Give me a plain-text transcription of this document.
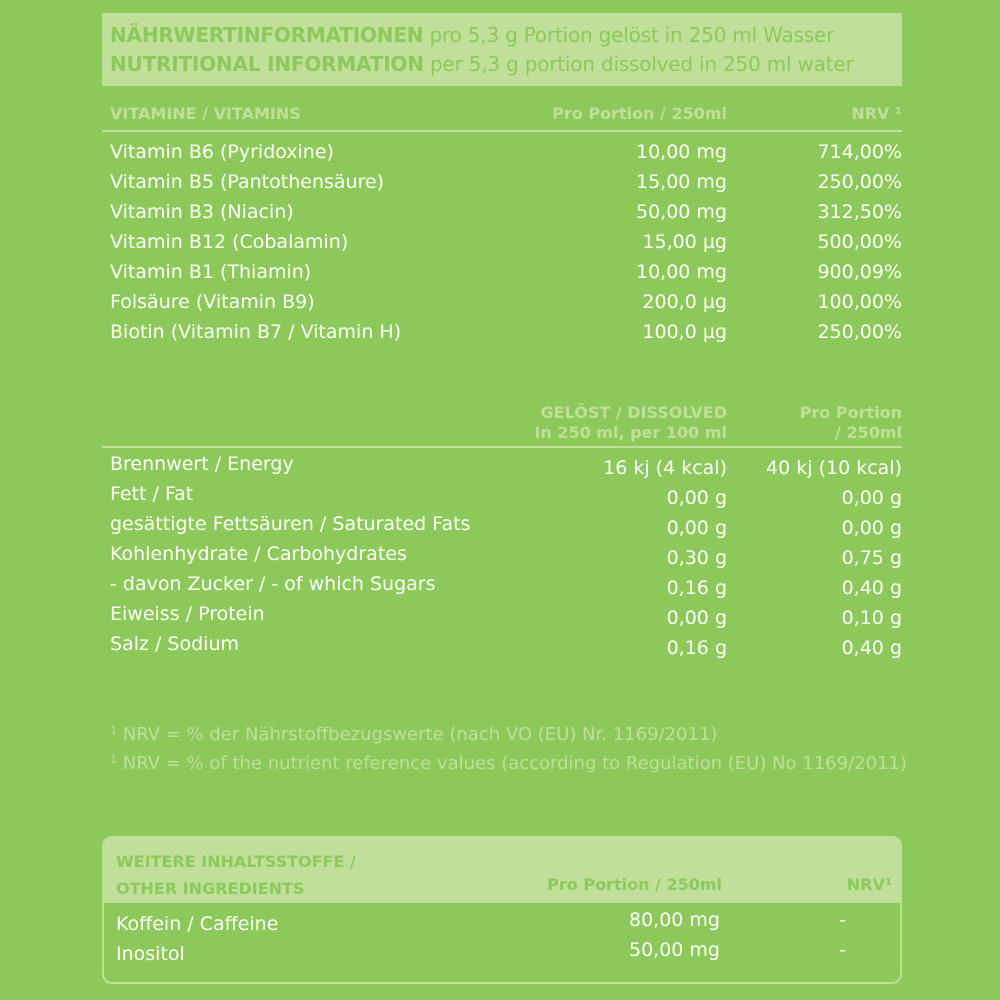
NÄHRWERTINFORMATIONEN pro 5,3 g Portion gelöst in 250 ml Wasser
NUTRITIONAL INFORMATION per 5,3 g portion dissolved in 250 ml water
VITAMINE / VITAMINS	Pro Portion / 250ml	NRV ¹
Vitamin B6 (Pyridoxine)	10,00 mg	714,00%
Vitamin B5 (Pantothensäure)	15,00 mg	250,00%
Vitamin B3 (Niacin)	50,00 mg	312,50%
Vitamin B12 (Cobalamin)	15,00 µg	500,00%
Vitamin B1 (Thiamin)	10,00 mg	900,09%
Folsäure (Vitamin B9)	200,0 µg	100,00%
Biotin (Vitamin B7 / Vitamin H)	100,0 µg	250,00%
GELÖST / DISSOLVED
In 250 ml, per 100 ml
Pro Portion
/ 250ml
Brennwert / Energy	16 kj (4 kcal) 40 kj (10 kcal)
Fett / Fat	0,00 g	0,00 g
gesättigte Fettsäuren / Saturated Fats	0,00 g	0,00 g
Kohlenhydrate / Carbohydrates	0,30 g	0,75 g
- davon Zucker / - of which Sugars	0,16 g	0,40 g
Eiweiss / Protein	0,00 g	0,10 g
Salz / Sodium	0,16 g	0,40 g
$^1$ NRV = % der Nährstoffbezugswerte (nach VO (EU) Nr. 1169/2011)
$^1$ NRV = % of the nutrient reference values (according to Regulation (EU) No 1169/2011)
WEITERE INHALTSSTOFFE /
OTHER INGREDIENTS	Pro Portion / 250ml	NRV¹
Koffein / Caffeine	80,00 mg	-
Inositol	50,00 mg	-
